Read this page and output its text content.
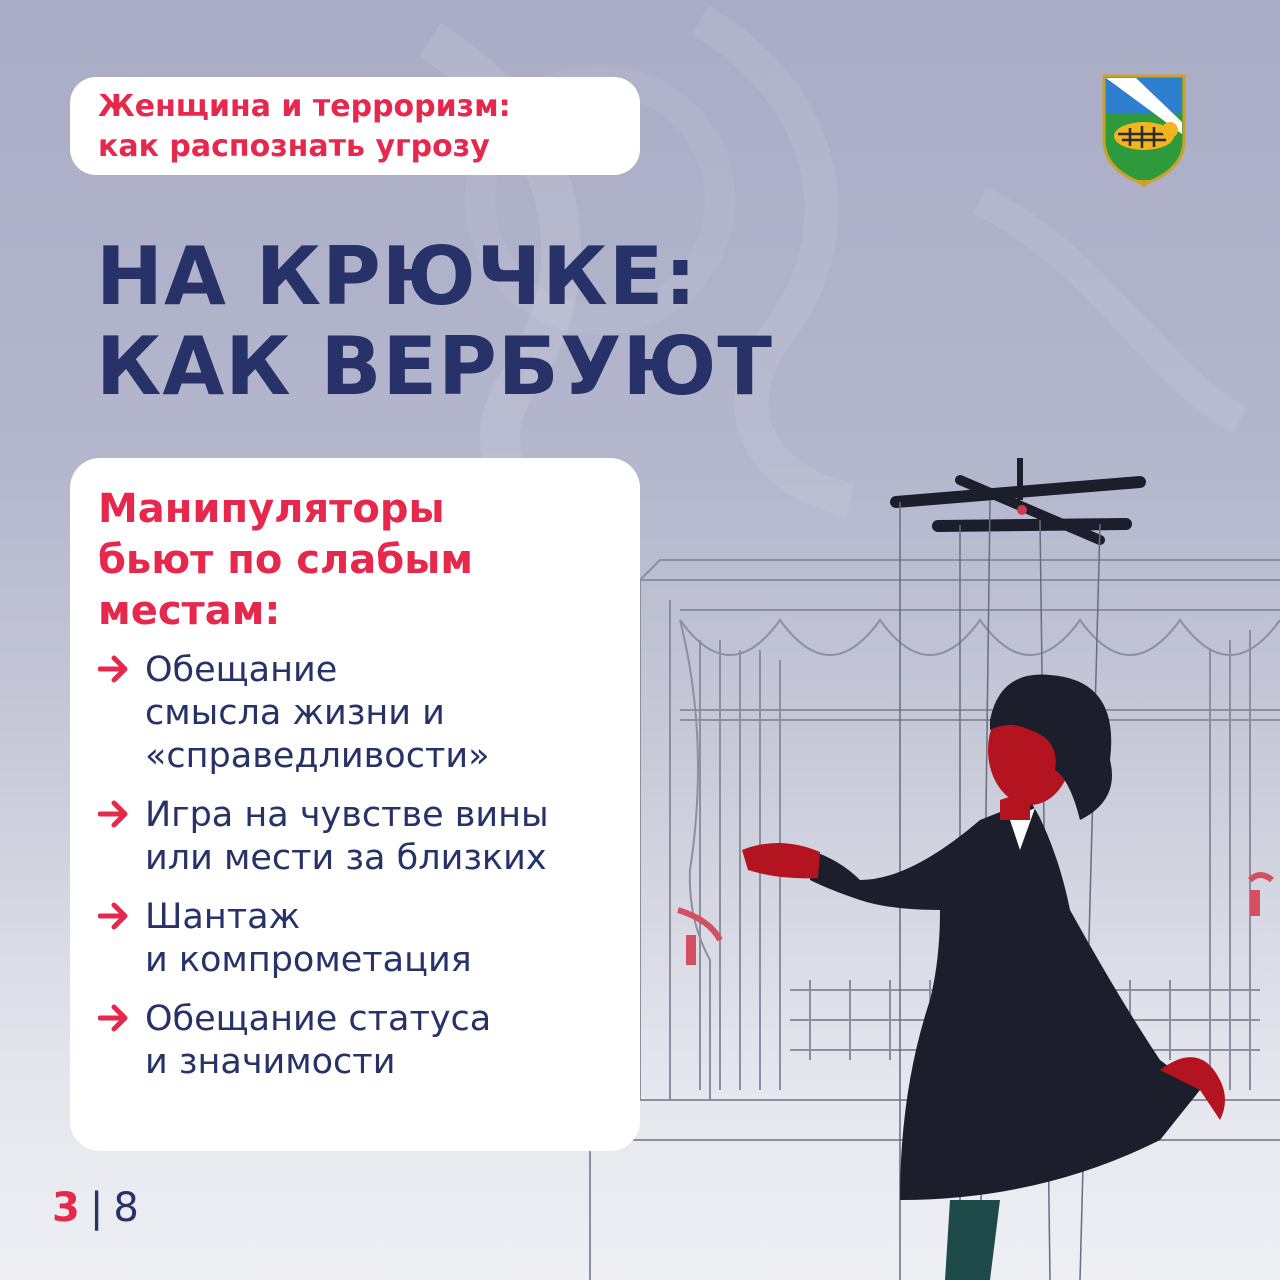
Женщина и терроризм:
как распознать угрозу
НА КРЮЧКЕ:
КАК ВЕРБУЮТ
Манипуляторы
бьют по слабым
местам:
Обещание
смысла жизни и
«справедливости»
Игра на чувстве вины
или мести за близких
Шантаж
и компрометация
Обещание статуса
и значимости
3 | 8
